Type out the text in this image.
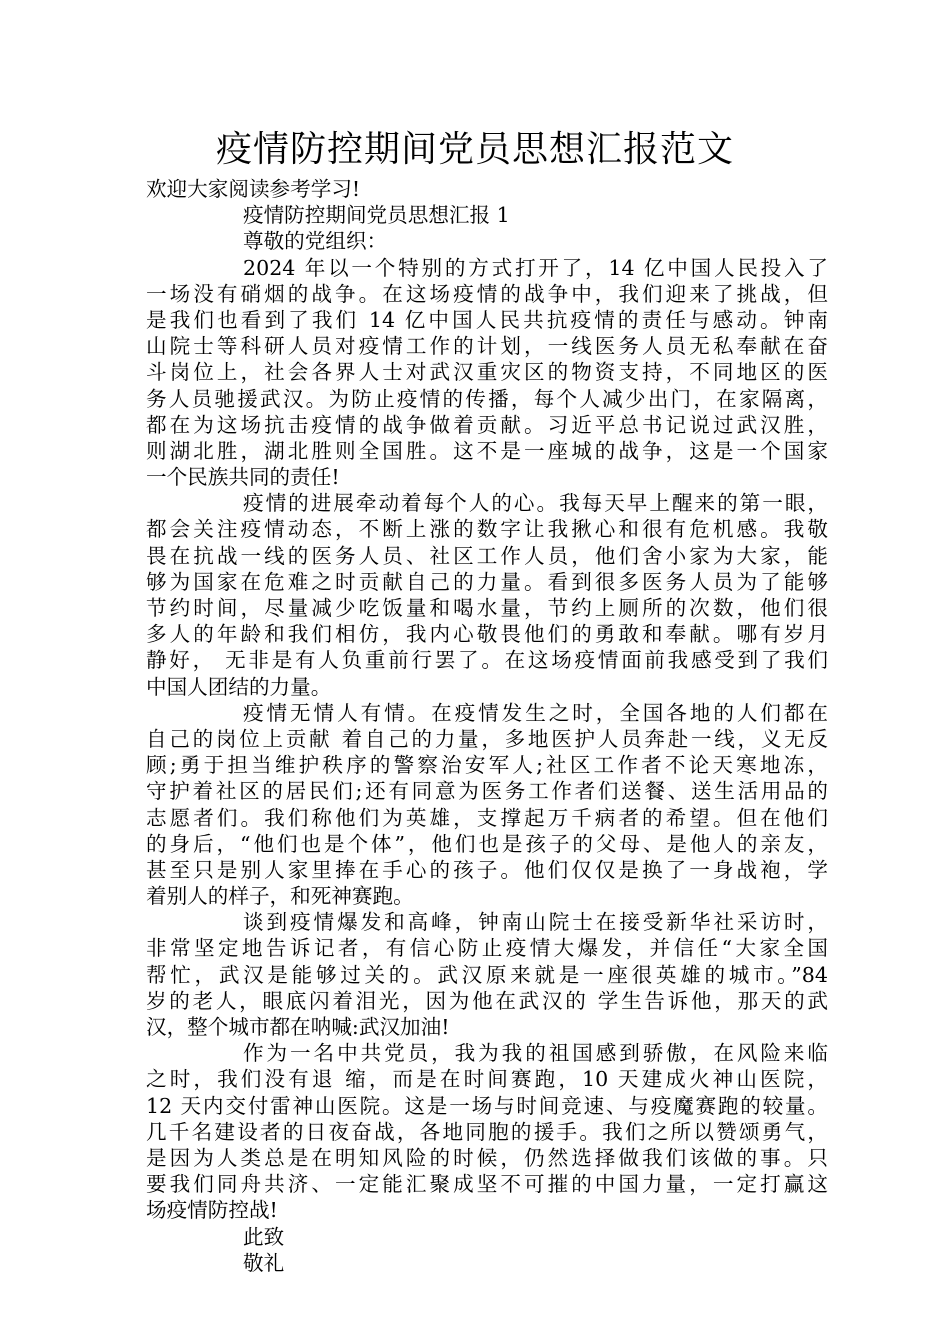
疫情防控期间党员思想汇报范文
欢迎大家阅读参考学习!
疫情防控期间党员思想汇报 1
尊敬的党组织：
2024 年以一个特别的方式打开了，14 亿中国人民投入了
一场没有硝烟的战争。在这场疫情的战争中，我们迎来了挑战，但
是我们也看到了我们 14 亿中国人民共抗疫情的责任与感动。钟南
山院士等科研人员对疫情工作的计划，一线医务人员无私奉献在奋
斗岗位上，社会各界人士对武汉重灾区的物资支持，不同地区的医
务人员驰援武汉。为防止疫情的传播，每个人减少出门，在家隔离，
都在为这场抗击疫情的战争做着贡献。习近平总书记说过武汉胜，
则湖北胜，湖北胜则全国胜。这不是一座城的战争，这是一个国家
一个民族共同的责任!
疫情的进展牵动着每个人的心。我每天早上醒来的第一眼，
都会关注疫情动态，不断上涨的数字让我揪心和很有危机感。我敬
畏在抗战一线的医务人员、社区工作人员，他们舍小家为大家，能
够为国家在危难之时贡献自己的力量。看到很多医务人员为了能够
节约时间，尽量减少吃饭量和喝水量，节约上厕所的次数，他们很
多人的年龄和我们相仿，我内心敬畏他们的勇敢和奉献。哪有岁月
静好， 无非是有人负重前行罢了。在这场疫情面前我感受到了我们
中国人团结的力量。
疫情无情人有情。在疫情发生之时，全国各地的人们都在
自己的岗位上贡献 着自己的力量，多地医护人员奔赴一线，义无反
顾;勇于担当维护秩序的警察治安军人;社区工作者不论天寒地冻，
守护着社区的居民们;还有同意为医务工作者们送餐、送生活用品的
志愿者们。我们称他们为英雄，支撑起万千病者的希望。但在他们
的身后，“他们也是个体”，他们也是孩子的父母、是他人的亲友，
甚至只是别人家里捧在手心的孩子。他们仅仅是换了一身战袍，学
着别人的样子，和死神赛跑。
谈到疫情爆发和高峰，钟南山院士在接受新华社采访时，
非常坚定地告诉记者，有信心防止疫情大爆发，并信任“大家全国
帮忙，武汉是能够过关的。武汉原来就是一座很英雄的城市。”84
岁的老人，眼底闪着泪光，因为他在武汉的 学生告诉他，那天的武
汉，整个城市都在呐喊:武汉加油!
作为一名中共党员，我为我的祖国感到骄傲，在风险来临
之时，我们没有退 缩，而是在时间赛跑，10 天建成火神山医院，
12 天内交付雷神山医院。这是一场与时间竞速、与疫魔赛跑的较量。
几千名建设者的日夜奋战，各地同胞的援手。我们之所以赞颂勇气，
是因为人类总是在明知风险的时候，仍然选择做我们该做的事。只
要我们同舟共济、一定能汇聚成坚不可摧的中国力量，一定打赢这
场疫情防控战!
此致
敬礼
